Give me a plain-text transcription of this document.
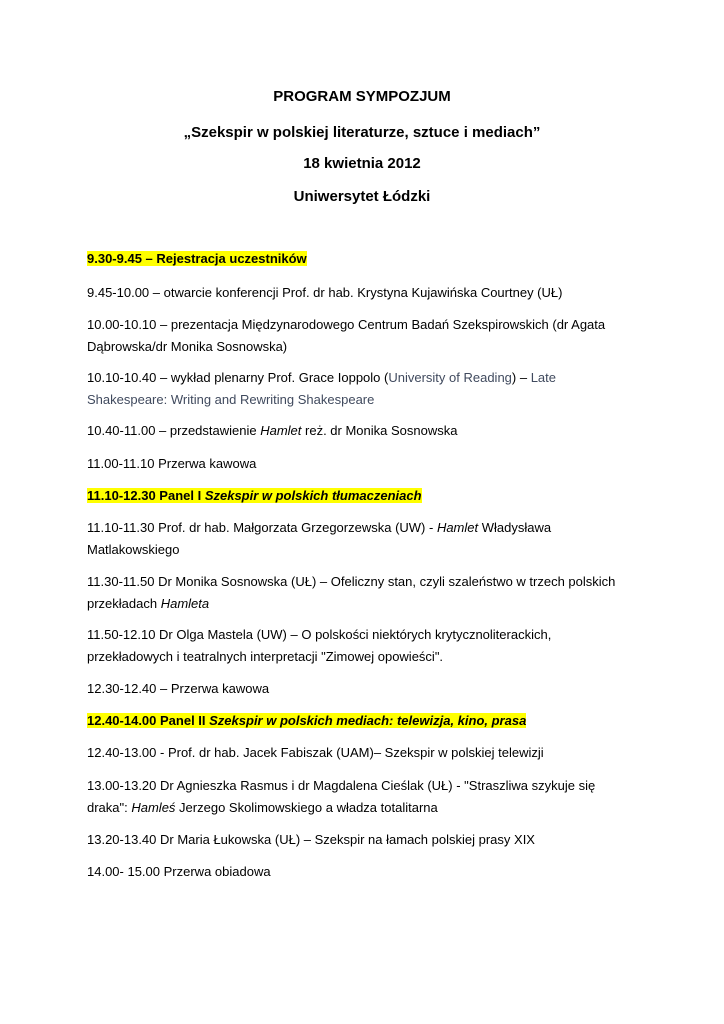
PROGRAM SYMPOZJUM
„Szekspir w polskiej literaturze, sztuce i mediach”
18 kwietnia 2012
Uniwersytet Łódzki
9.30-9.45 – Rejestracja uczestników
9.45-10.00 – otwarcie konferencji Prof. dr hab. Krystyna Kujawińska Courtney (UŁ)
10.00-10.10 – prezentacja Międzynarodowego Centrum Badań Szekspirowskich (dr Agata
Dąbrowska/dr Monika Sosnowska)
10.10-10.40 – wykład plenarny Prof. Grace Ioppolo (University of Reading) – Late
Shakespeare: Writing and Rewriting Shakespeare
10.40-11.00 – przedstawienie Hamlet reż. dr Monika Sosnowska
11.00-11.10 Przerwa kawowa
11.10-12.30 Panel I Szekspir w polskich tłumaczeniach
11.10-11.30 Prof. dr hab. Małgorzata Grzegorzewska (UW) - Hamlet Władysława
Matlakowskiego
11.30-11.50 Dr Monika Sosnowska (UŁ) – Ofeliczny stan, czyli szaleństwo w trzech polskich
przekładach Hamleta
11.50-12.10 Dr Olga Mastela (UW) – O polskości niektórych krytycznoliterackich,
przekładowych i teatralnych interpretacji "Zimowej opowieści".
12.30-12.40 – Przerwa kawowa
12.40-14.00 Panel II Szekspir w polskich mediach: telewizja, kino, prasa
12.40-13.00 - Prof. dr hab. Jacek Fabiszak (UAM)– Szekspir w polskiej telewizji
13.00-13.20 Dr Agnieszka Rasmus i dr Magdalena Cieślak (UŁ) - "Straszliwa szykuje się
draka": Hamleś Jerzego Skolimowskiego a władza totalitarna
13.20-13.40 Dr Maria Łukowska (UŁ) – Szekspir na łamach polskiej prasy XIX
14.00- 15.00 Przerwa obiadowa
